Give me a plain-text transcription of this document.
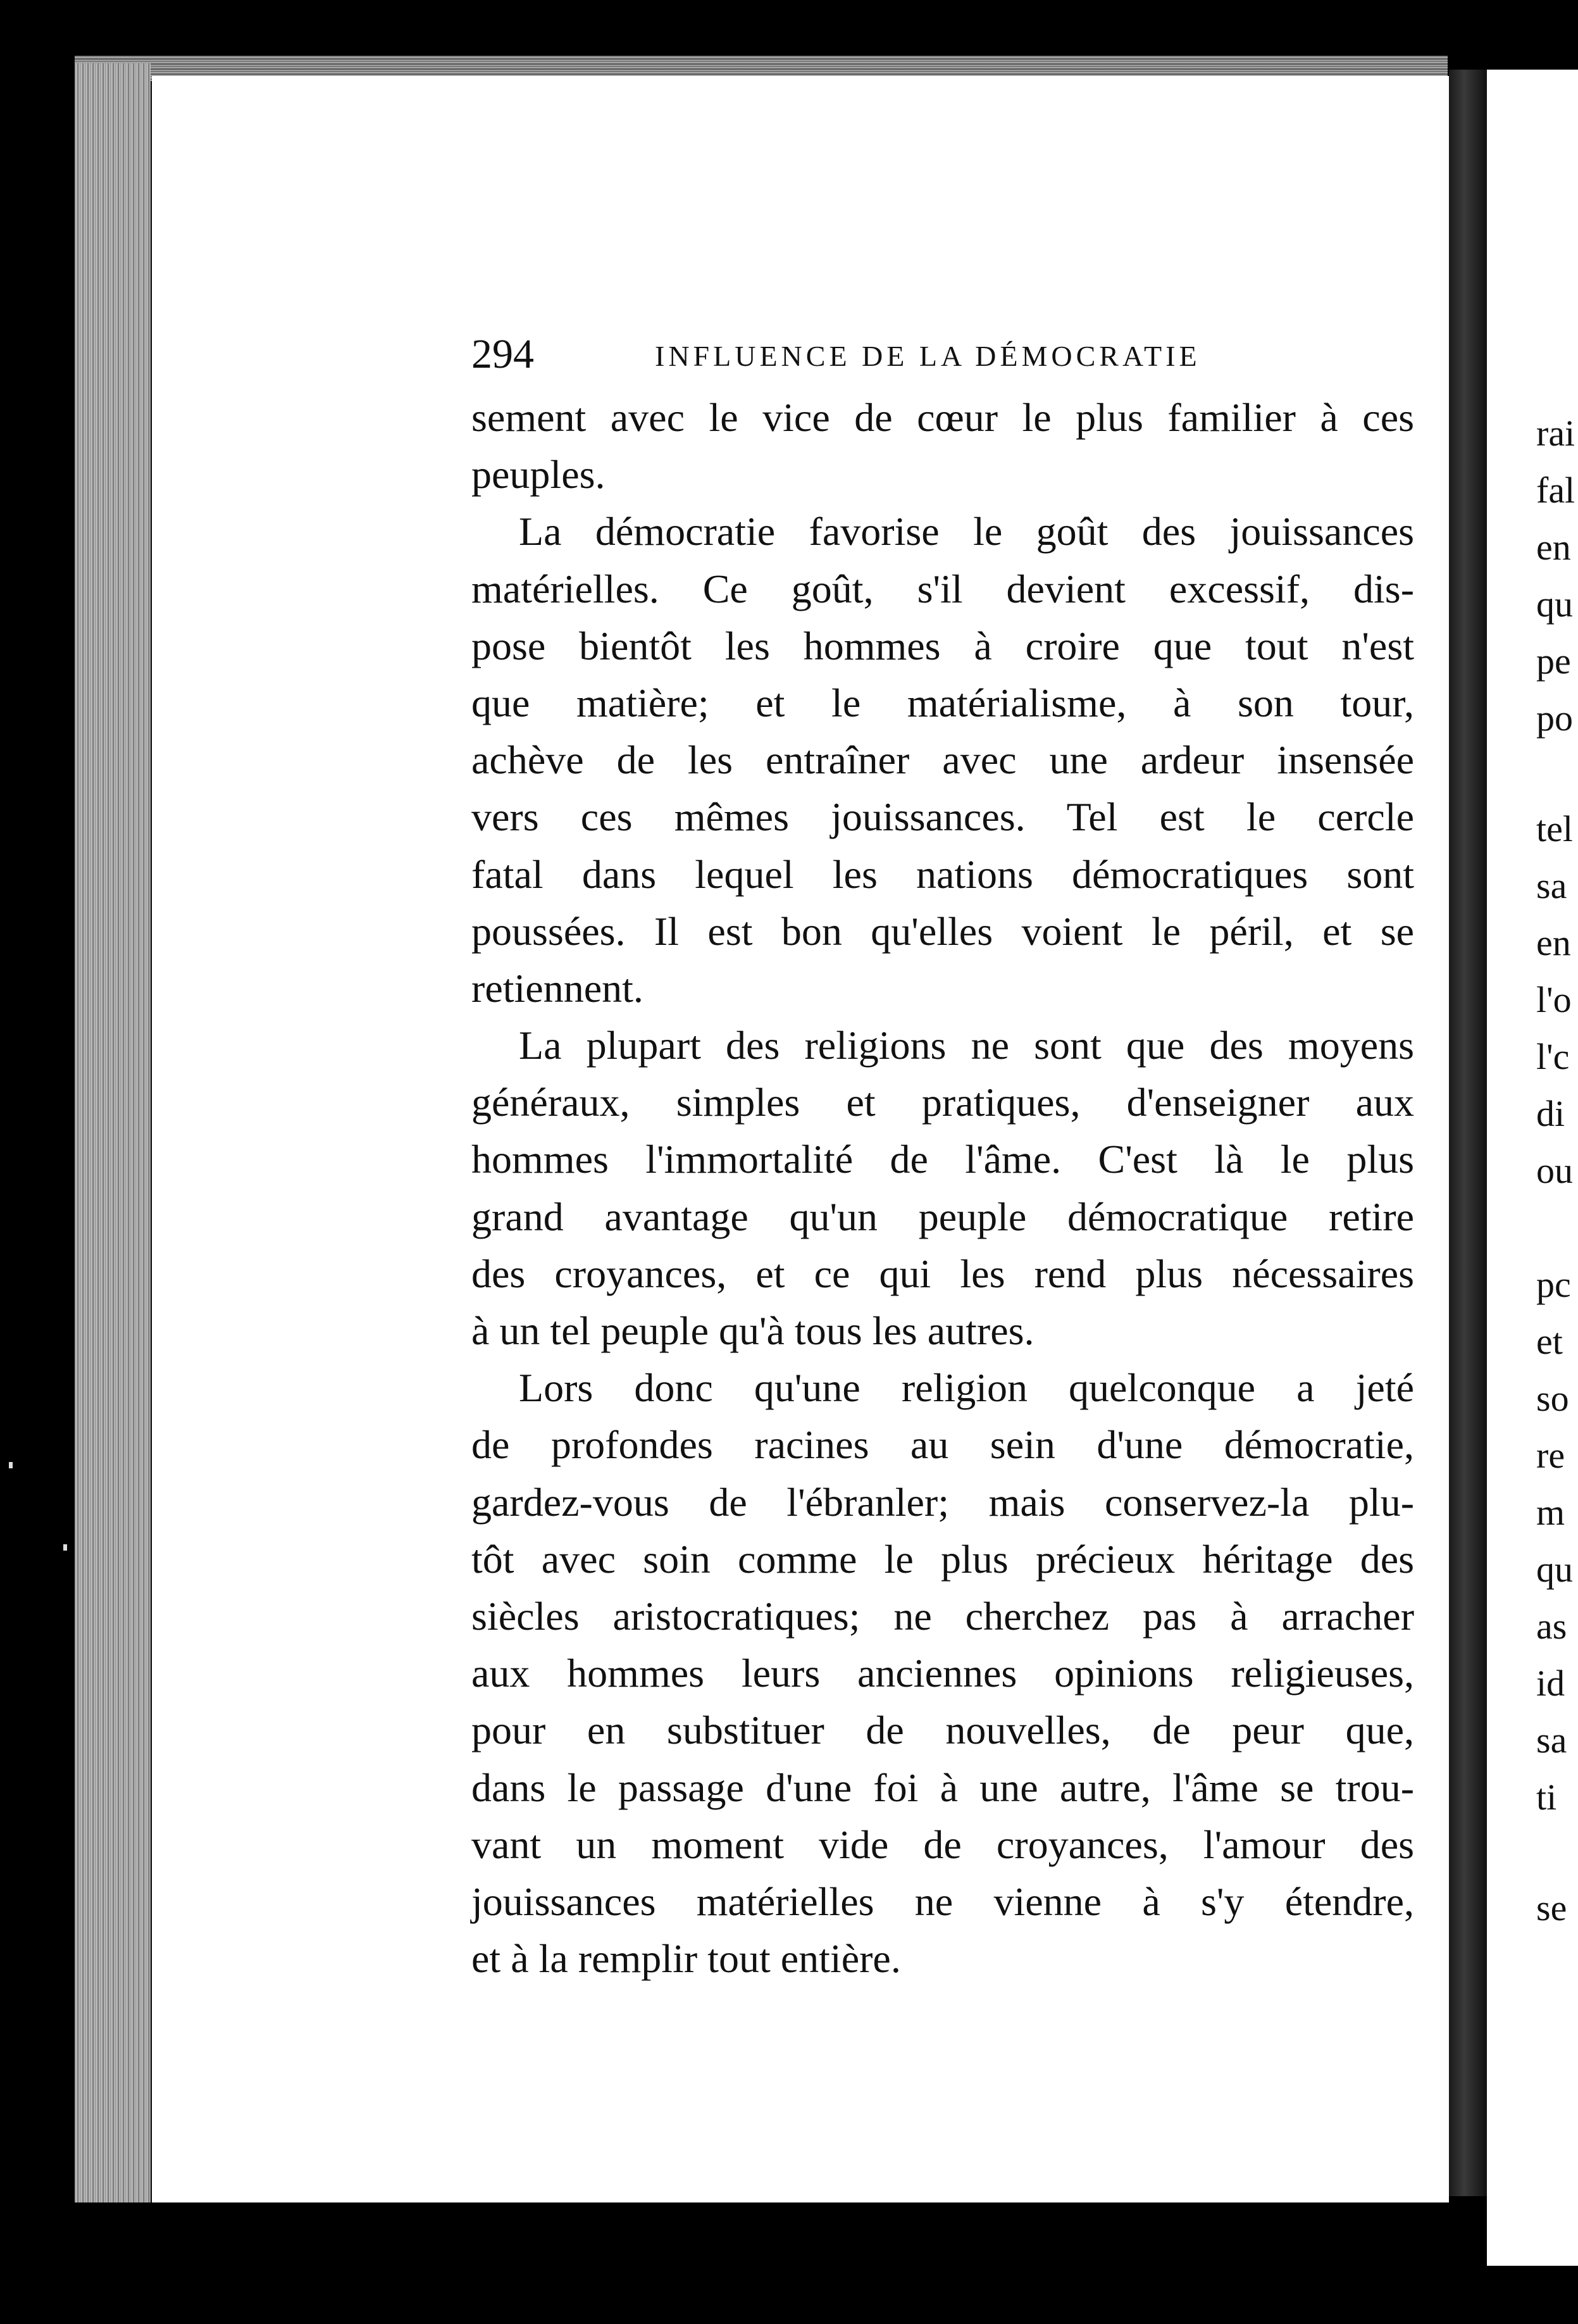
294	INFLUENCE DE LA DÉMOCRATIE
sement avec le vice de cœur le plus familier à ces
peuples.
La démocratie favorise le goût des jouissances
matérielles. Ce goût, s'il devient excessif, dis-
pose bientôt les hommes à croire que tout n'est
que matière; et le matérialisme, à son tour,
achève de les entraîner avec une ardeur insensée
vers ces mêmes jouissances. Tel est le cercle
fatal dans lequel les nations démocratiques sont
poussées. Il est bon qu'elles voient le péril, et se
retiennent.
La plupart des religions ne sont que des moyens
généraux, simples et pratiques, d'enseigner aux
hommes l'immortalité de l'âme. C'est là le plus
grand avantage qu'un peuple démocratique retire
des croyances, et ce qui les rend plus nécessaires
à un tel peuple qu'à tous les autres.
Lors donc qu'une religion quelconque a jeté
de profondes racines au sein d'une démocratie,
gardez-vous de l'ébranler; mais conservez-la plu-
tôt avec soin comme le plus précieux héritage des
siècles aristocratiques; ne cherchez pas à arracher
aux hommes leurs anciennes opinions religieuses,
pour en substituer de nouvelles, de peur que,
dans le passage d'une foi à une autre, l'âme se trou-
vant un moment vide de croyances, l'amour des
jouissances matérielles ne vienne à s'y étendre,
et à la remplir tout entière.
rai
fal
en
qu
pe
po
tel
sa
en
l'o
l'c
di
ou
pc
et
so
re
m
qu
as
id
sa
ti
se
